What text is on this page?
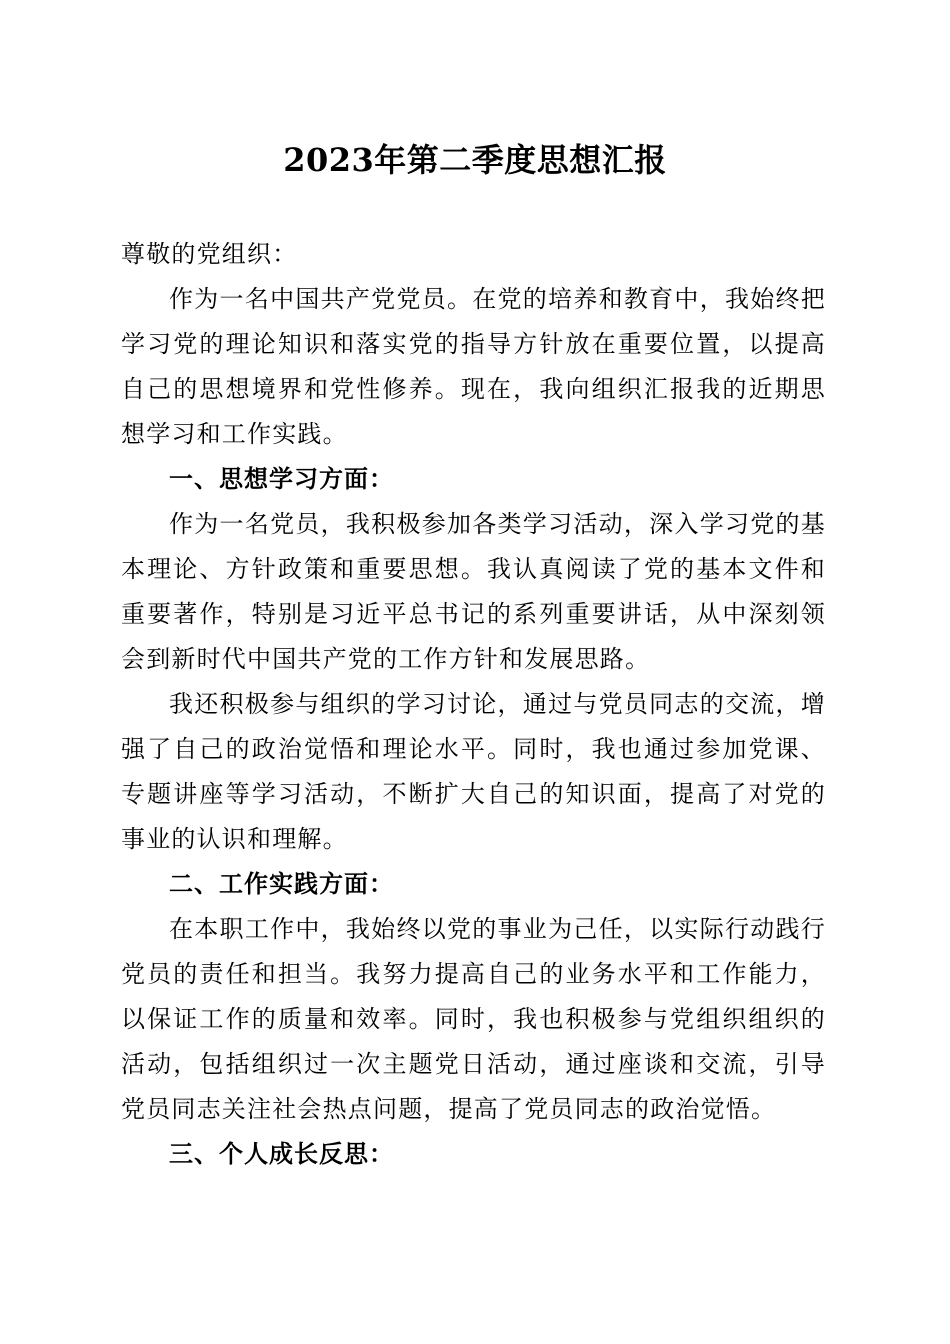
2023年第二季度思想汇报

尊敬的党组织：

作为一名中国共产党党员。在党的培养和教育中，我始终把学习党的理论知识和落实党的指导方针放在重要位置，以提高自己的思想境界和党性修养。现在，我向组织汇报我的近期思想学习和工作实践。

一、思想学习方面：

作为一名党员，我积极参加各类学习活动，深入学习党的基本理论、方针政策和重要思想。我认真阅读了党的基本文件和重要著作，特别是习近平总书记的系列重要讲话，从中深刻领会到新时代中国共产党的工作方针和发展思路。

我还积极参与组织的学习讨论，通过与党员同志的交流，增强了自己的政治觉悟和理论水平。同时，我也通过参加党课、专题讲座等学习活动，不断扩大自己的知识面，提高了对党的事业的认识和理解。

二、工作实践方面：

在本职工作中，我始终以党的事业为己任，以实际行动践行党员的责任和担当。我努力提高自己的业务水平和工作能力，以保证工作的质量和效率。同时，我也积极参与党组织组织的活动，包括组织过一次主题党日活动，通过座谈和交流，引导党员同志关注社会热点问题，提高了党员同志的政治觉悟。

三、个人成长反思：
